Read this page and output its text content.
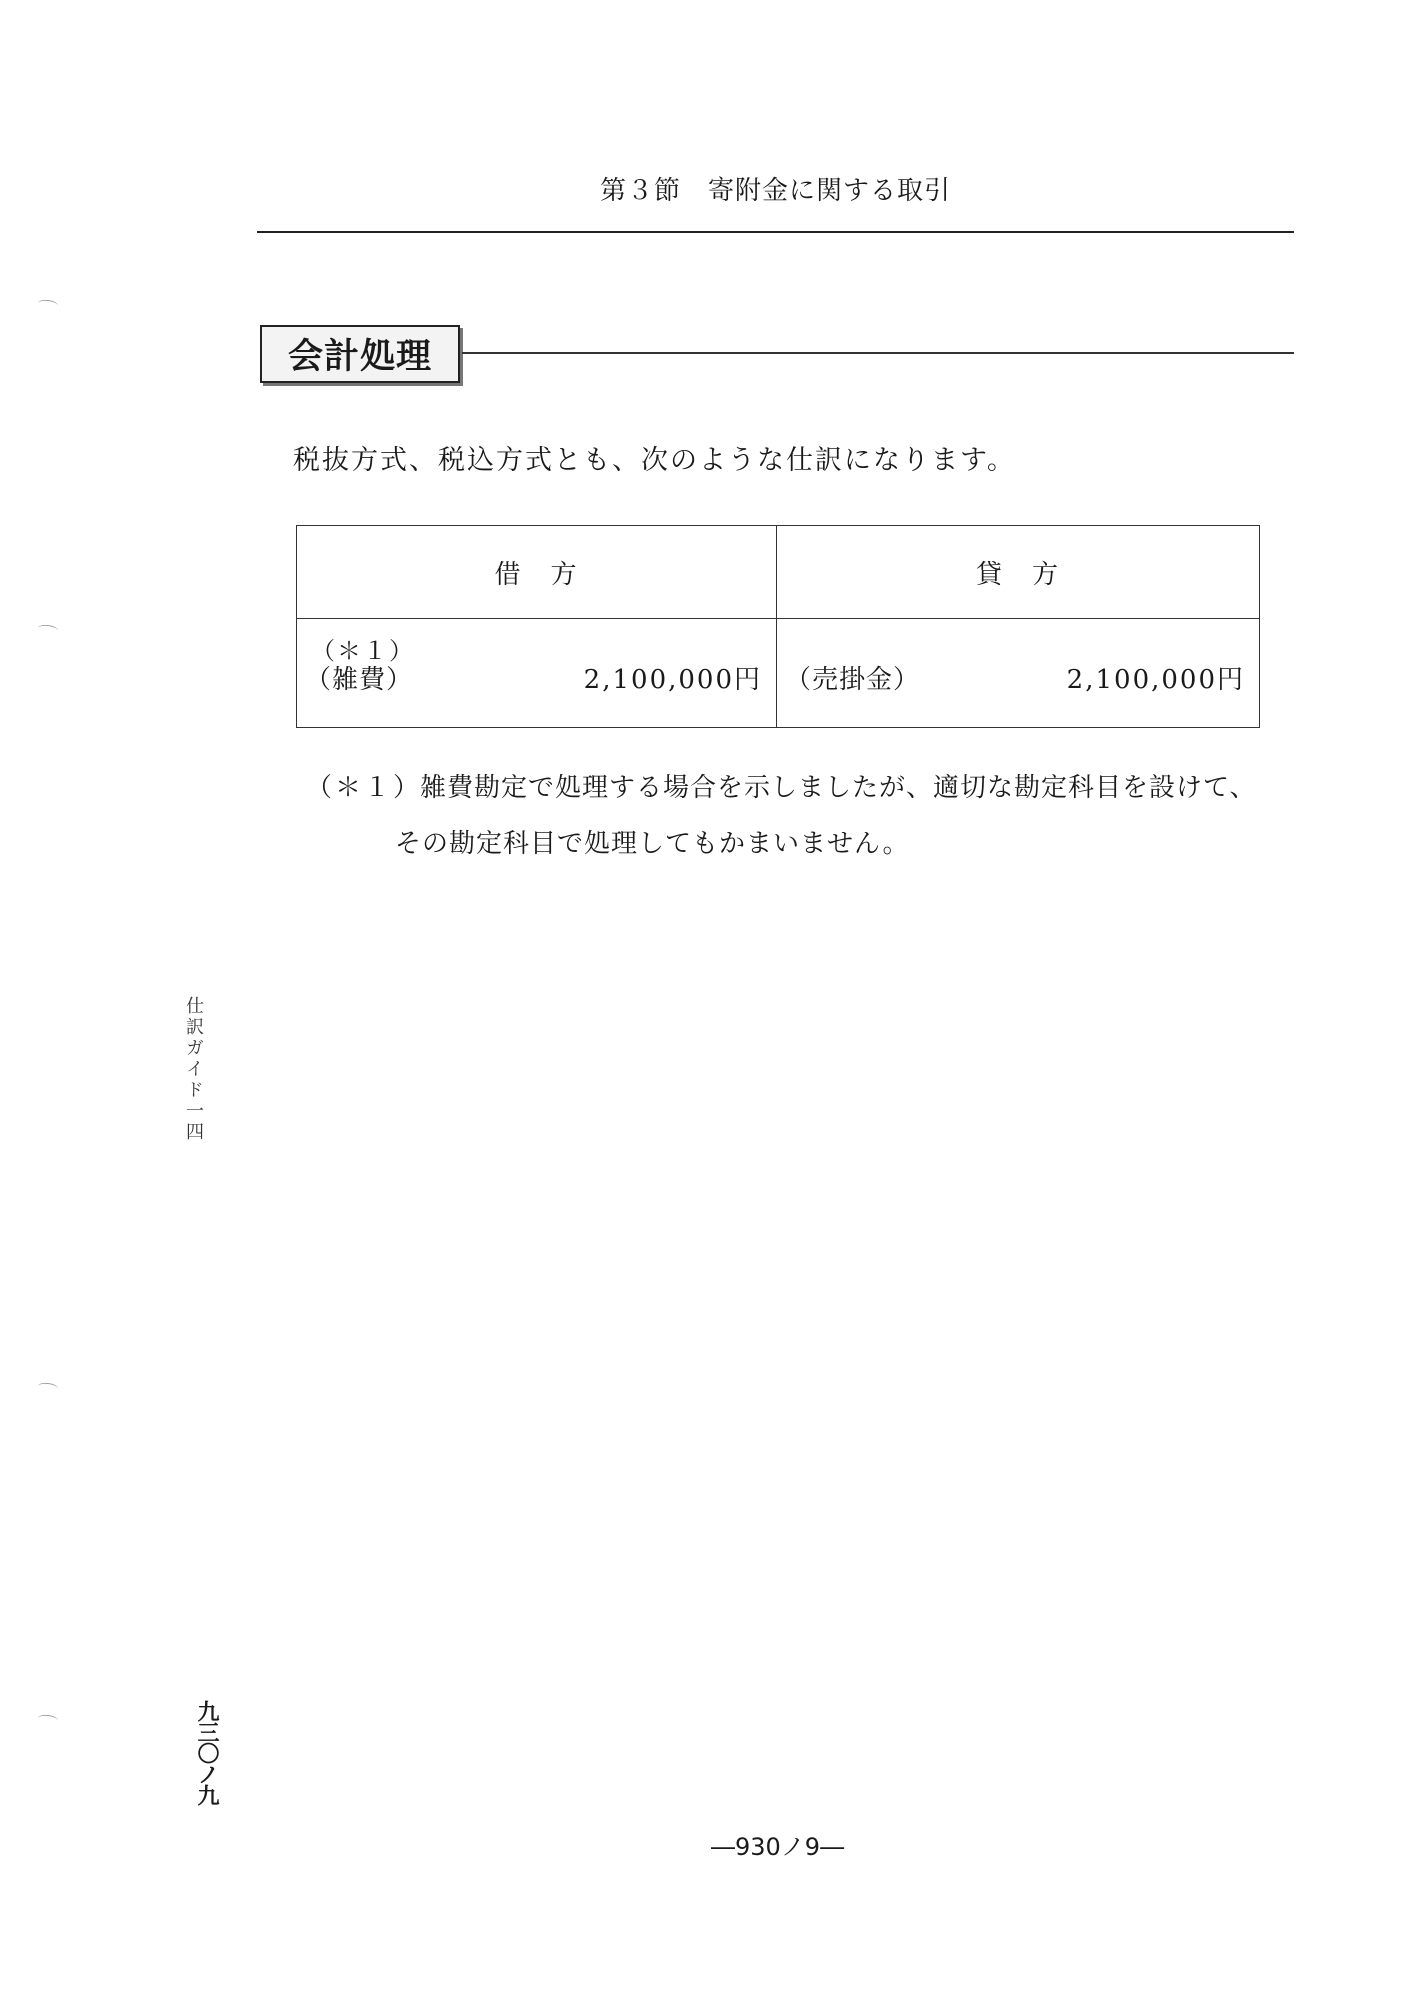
第３節　寄附金に関する取引
会計処理
税抜方式、税込方式とも、次のような仕訳になります。
借　方	貸　方

（＊１）
（雑費） 2,100,000円	（売掛金） 2,100,000円
（＊１）
雑費勘定で処理する場合を示しましたが、適切な勘定科目を設けて、
その勘定科目で処理してもかまいません。
仕訳ガイド一四
九三〇ノ九
―930ノ9―
